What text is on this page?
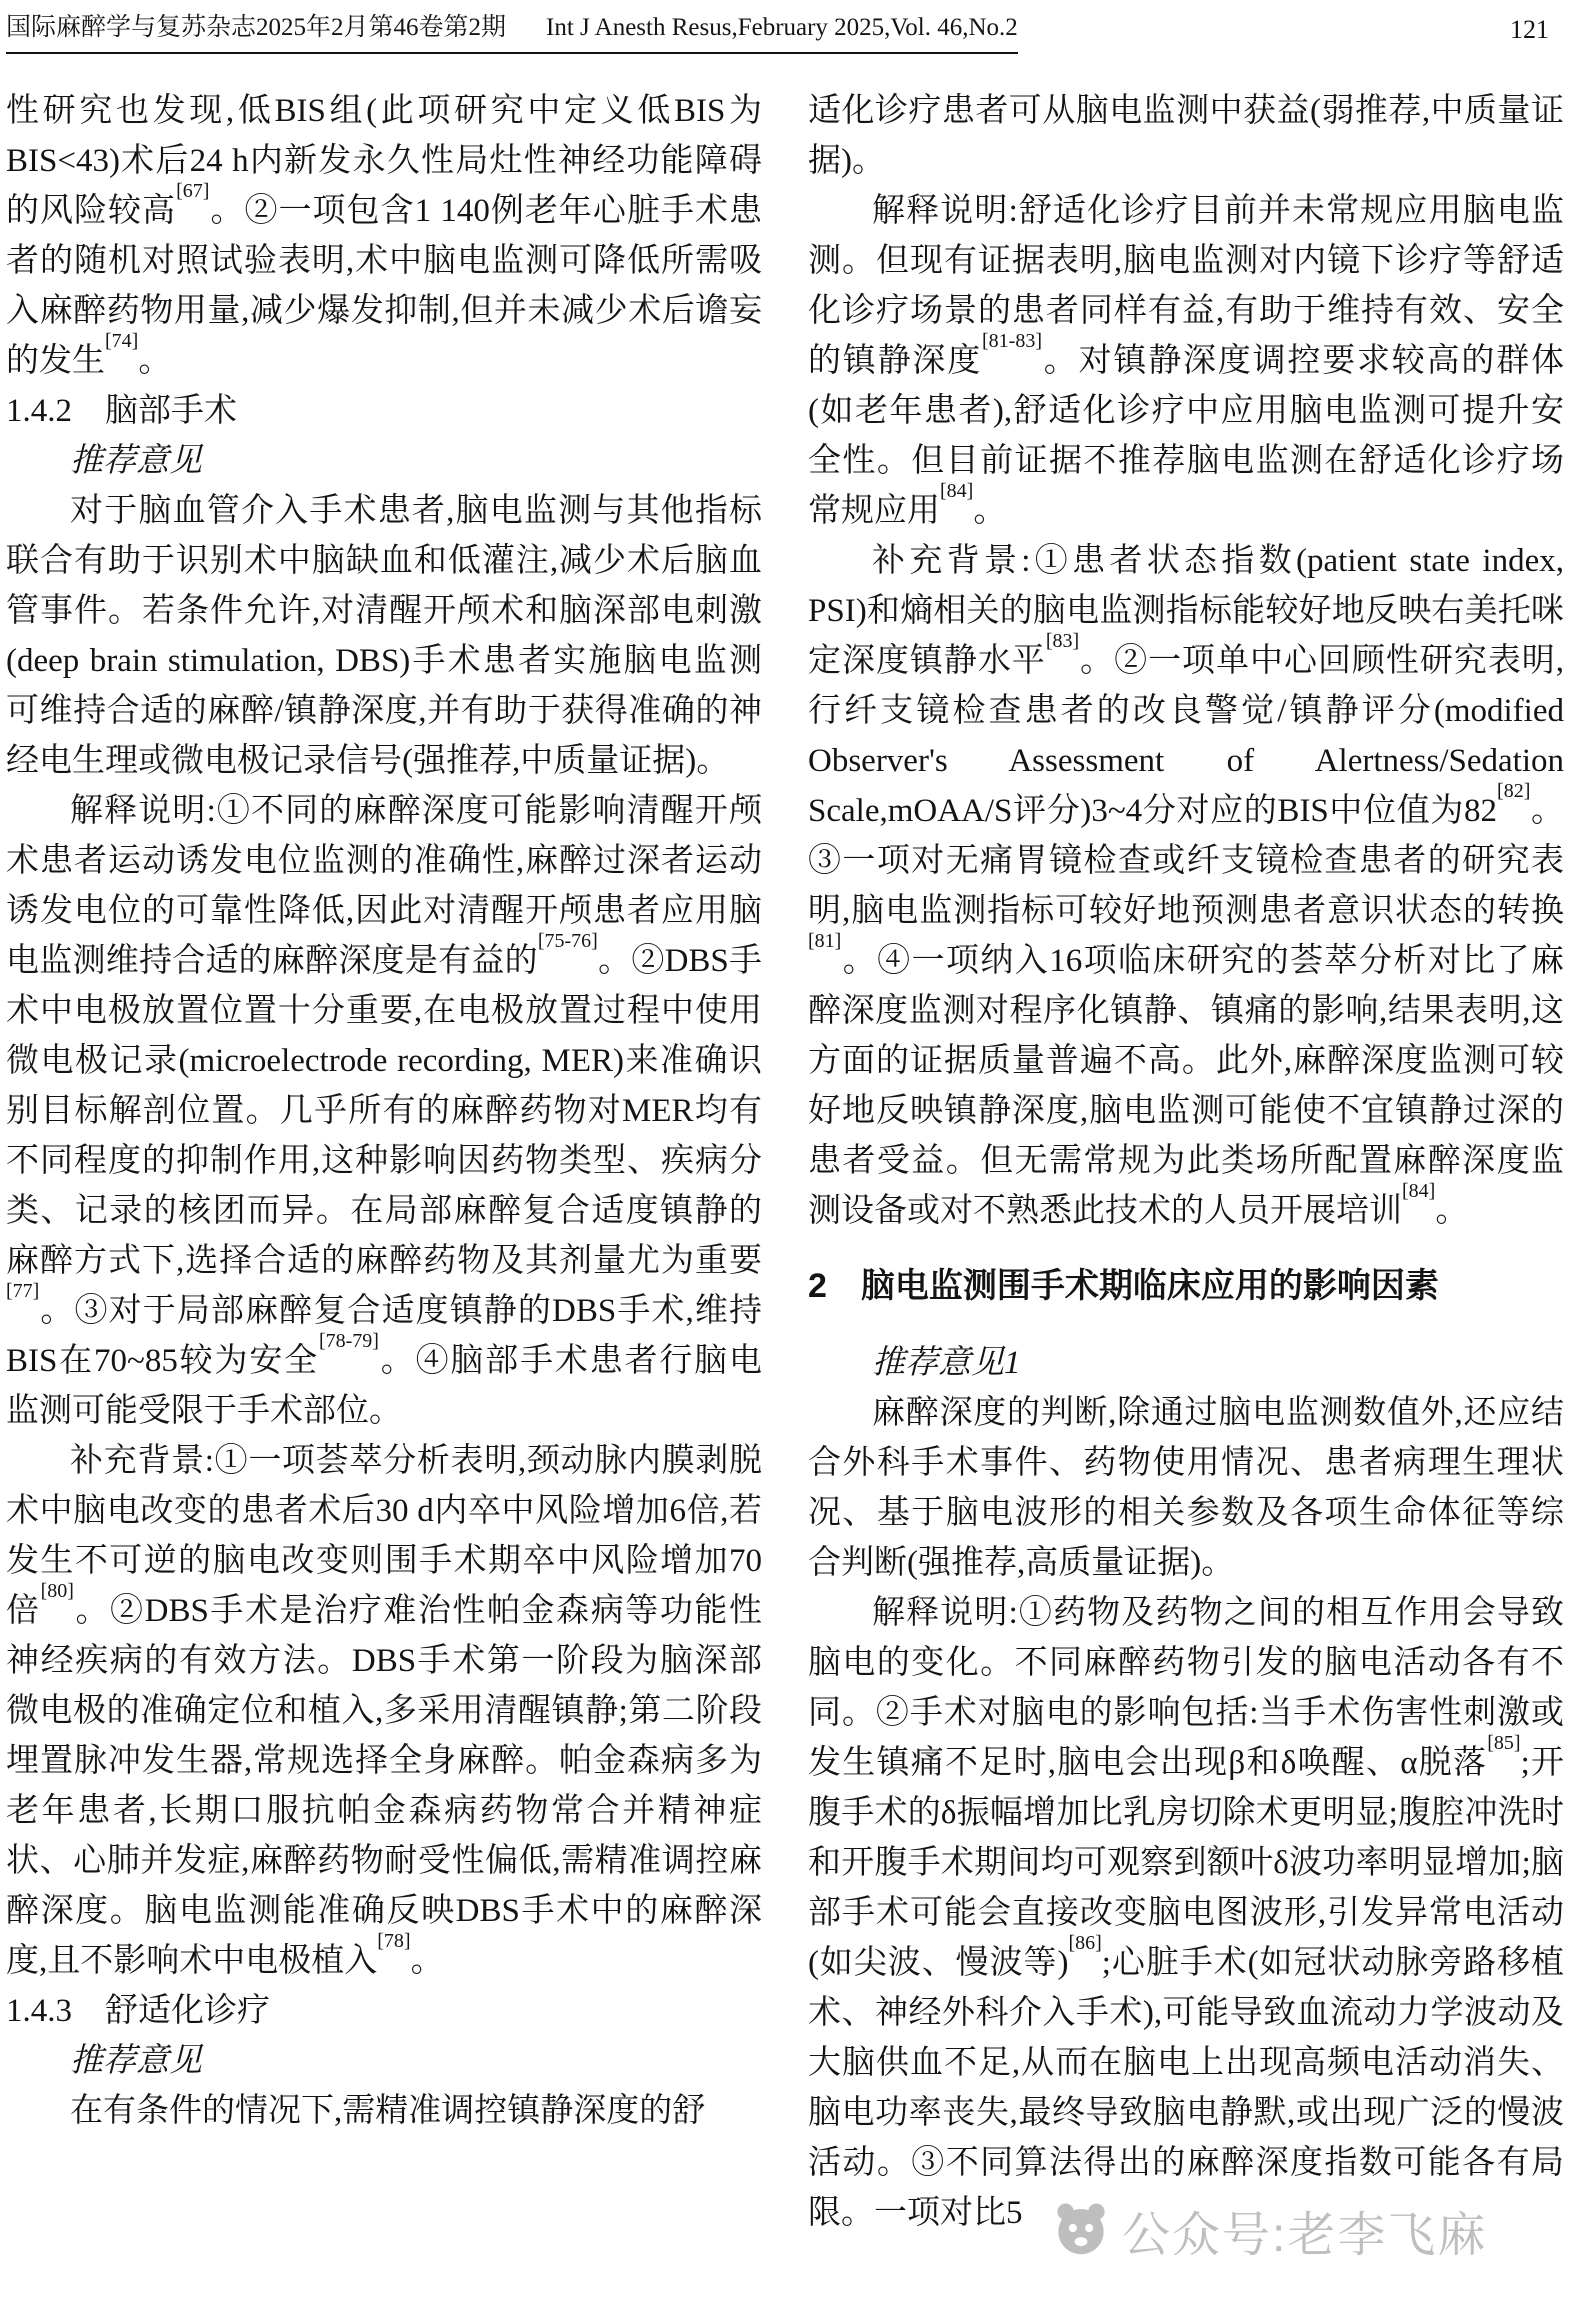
国际麻醉学与复苏杂志2025年2月第46卷第2期 Int J Anesth Resus,February 2025,Vol. 46,No.2	121

性研究也发现,低BIS组(此项研究中定义低BIS为BIS<43)术后24 h内新发永久性局灶性神经功能障碍的风险较高[67]。②一项包含1 140例老年心脏手术患者的随机对照试验表明,术中脑电监测可降低所需吸入麻醉药物用量,减少爆发抑制,但并未减少术后谵妄的发生[74]。

1.4.2　脑部手术

推荐意见

对于脑血管介入手术患者,脑电监测与其他指标联合有助于识别术中脑缺血和低灌注,减少术后脑血管事件。若条件允许,对清醒开颅术和脑深部电刺激(deep brain stimulation, DBS)手术患者实施脑电监测可维持合适的麻醉/镇静深度,并有助于获得准确的神经电生理或微电极记录信号(强推荐,中质量证据)。

解释说明:①不同的麻醉深度可能影响清醒开颅术患者运动诱发电位监测的准确性,麻醉过深者运动诱发电位的可靠性降低,因此对清醒开颅患者应用脑电监测维持合适的麻醉深度是有益的[75-76]。②DBS手术中电极放置位置十分重要,在电极放置过程中使用微电极记录(microelectrode recording, MER)来准确识别目标解剖位置。几乎所有的麻醉药物对MER均有不同程度的抑制作用,这种影响因药物类型、疾病分类、记录的核团而异。在局部麻醉复合适度镇静的麻醉方式下,选择合适的麻醉药物及其剂量尤为重要[77]。③对于局部麻醉复合适度镇静的DBS手术,维持BIS在70~85较为安全[78-79]。④脑部手术患者行脑电监测可能受限于手术部位。

补充背景:①一项荟萃分析表明,颈动脉内膜剥脱术中脑电改变的患者术后30 d内卒中风险增加6倍,若发生不可逆的脑电改变则围手术期卒中风险增加70倍[80]。②DBS手术是治疗难治性帕金森病等功能性神经疾病的有效方法。DBS手术第一阶段为脑深部微电极的准确定位和植入,多采用清醒镇静;第二阶段埋置脉冲发生器,常规选择全身麻醉。帕金森病多为老年患者,长期口服抗帕金森病药物常合并精神症状、心肺并发症,麻醉药物耐受性偏低,需精准调控麻醉深度。脑电监测能准确反映DBS手术中的麻醉深度,且不影响术中电极植入[78]。

1.4.3　舒适化诊疗

推荐意见

在有条件的情况下,需精准调控镇静深度的舒

适化诊疗患者可从脑电监测中获益(弱推荐,中质量证据)。

解释说明:舒适化诊疗目前并未常规应用脑电监测。但现有证据表明,脑电监测对内镜下诊疗等舒适化诊疗场景的患者同样有益,有助于维持有效、安全的镇静深度[81-83]。对镇静深度调控要求较高的群体(如老年患者),舒适化诊疗中应用脑电监测可提升安全性。但目前证据不推荐脑电监测在舒适化诊疗场常规应用[84]。

补充背景:①患者状态指数(patient state index, PSI)和熵相关的脑电监测指标能较好地反映右美托咪定深度镇静水平[83]。②一项单中心回顾性研究表明,行纤支镜检查患者的改良警觉/镇静评分(modified Observer's Assessment of Alertness/Sedation Scale,mOAA/S评分)3~4分对应的BIS中位值为82[82]。③一项对无痛胃镜检查或纤支镜检查患者的研究表明,脑电监测指标可较好地预测患者意识状态的转换[81]。④一项纳入16项临床研究的荟萃分析对比了麻醉深度监测对程序化镇静、镇痛的影响,结果表明,这方面的证据质量普遍不高。此外,麻醉深度监测可较好地反映镇静深度,脑电监测可能使不宜镇静过深的患者受益。但无需常规为此类场所配置麻醉深度监测设备或对不熟悉此技术的人员开展培训[84]。

2　脑电监测围手术期临床应用的影响因素

推荐意见1

麻醉深度的判断,除通过脑电监测数值外,还应结合外科手术事件、药物使用情况、患者病理生理状况、基于脑电波形的相关参数及各项生命体征等综合判断(强推荐,高质量证据)。

解释说明:①药物及药物之间的相互作用会导致脑电的变化。不同麻醉药物引发的脑电活动各有不同。②手术对脑电的影响包括:当手术伤害性刺激或发生镇痛不足时,脑电会出现β和δ唤醒、α脱落[85];开腹手术的δ振幅增加比乳房切除术更明显;腹腔冲洗时和开腹手术期间均可观察到额叶δ波功率明显增加;脑部手术可能会直接改变脑电图波形,引发异常电活动(如尖波、慢波等)[86];心脏手术(如冠状动脉旁路移植术、神经外科介入手术),可能导致血流动力学波动及大脑供血不足,从而在脑电上出现高频电活动消失、脑电功率丧失,最终导致脑电静默,或出现广泛的慢波活动。③不同算法得出的麻醉深度指数可能各有局限。一项对比5	公众号:老李飞麻
